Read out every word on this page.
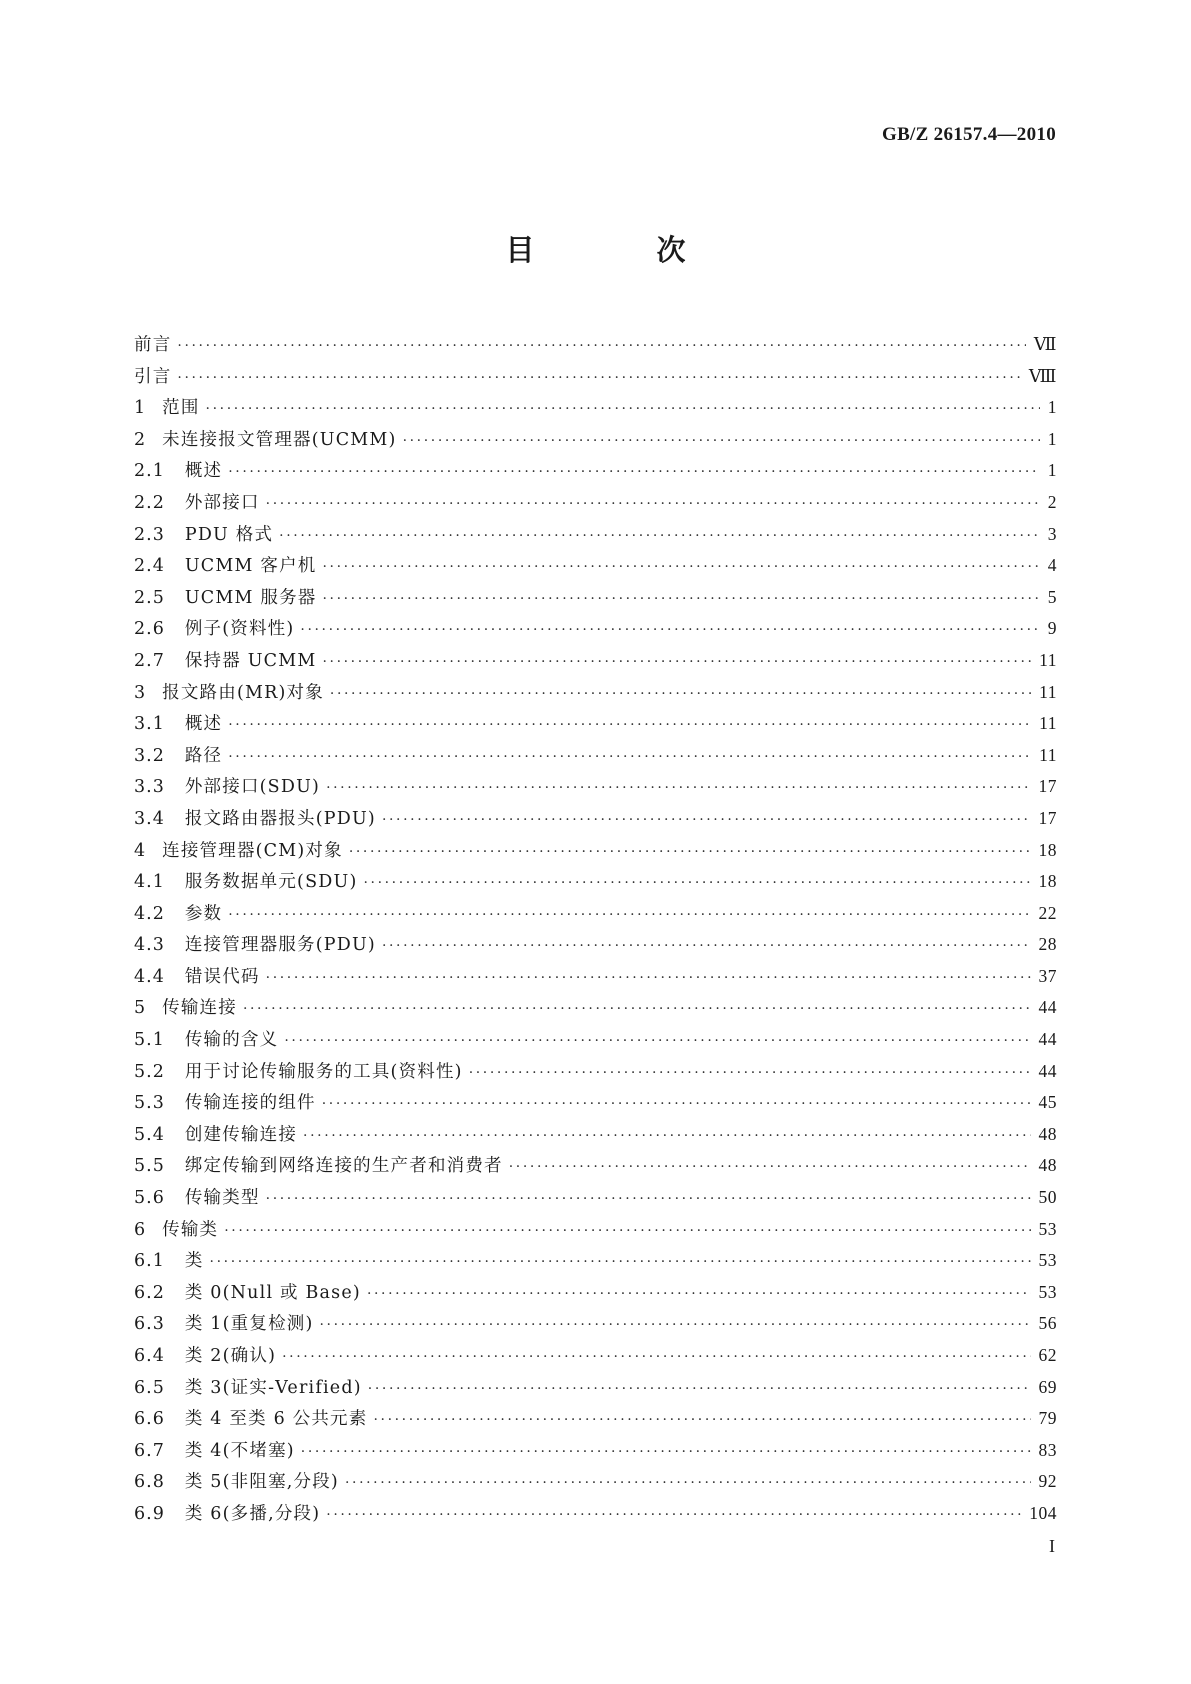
GB/Z 26157.4—2010
目 次
前言 ·····	Ⅶ
引言 ·····	Ⅷ
1 范围 ·····	1
2 未连接报文管理器(UCMM) ·····	1
2.1 概述 ·····	1
2.2 外部接口 ·····	2
2.3 PDU 格式 ·····	3
2.4 UCMM 客户机 ·····	4
2.5 UCMM 服务器 ·····	5
2.6 例子(资料性) ·····	9
2.7 保持器 UCMM ·····	11
3 报文路由(MR)对象 ·····	11
3.1 概述 ·····	11
3.2 路径 ·····	11
3.3 外部接口(SDU) ·····	17
3.4 报文路由器报头(PDU) ·····	17
4 连接管理器(CM)对象 ·····	18
4.1 服务数据单元(SDU) ·····	18
4.2 参数 ·····	22
4.3 连接管理器服务(PDU) ·····	28
4.4 错误代码 ·····	37
5 传输连接 ·····	44
5.1 传输的含义 ·····	44
5.2 用于讨论传输服务的工具(资料性) ·····	44
5.3 传输连接的组件 ·····	45
5.4 创建传输连接 ·····	48
5.5 绑定传输到网络连接的生产者和消费者 ·····	48
5.6 传输类型 ·····	50
6 传输类 ·····	53
6.1 类 ·····	53
6.2 类 0(Null 或 Base) ·····	53
6.3 类 1(重复检测) ·····	56
6.4 类 2(确认) ·····	62
6.5 类 3(证实-Verified) ·····	69
6.6 类 4 至类 6 公共元素 ·····	79
6.7 类 4(不堵塞) ·····	83
6.8 类 5(非阻塞,分段) ·····	92
6.9 类 6(多播,分段) ·····	104
I
